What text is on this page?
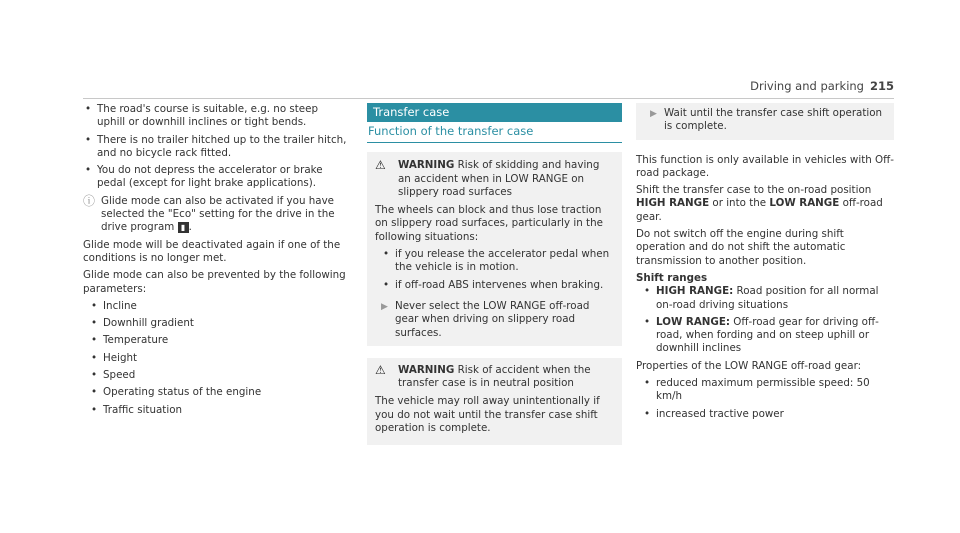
Driving and parking 215
• The road's course is suitable, e.g. no steep uphill or downhill inclines or tight bends.
• There is no trailer hitched up to the trailer hitch, and no bicycle rack fitted.
• You do not depress the accelerator or brake pedal (except for light brake applications).
ⓘ Glide mode can also be activated if you have selected the "Eco" setting for the drive in the drive program ▮ .

Glide mode will be deactivated again if one of the conditions is no longer met.

Glide mode can also be prevented by the following parameters:

• Incline
• Downhill gradient
• Temperature
• Height
• Speed
• Operating status of the engine
• Traffic situation
Transfer case
Function of the transfer case
⚠	WARNING Risk of skidding and having an accident when in LOW RANGE on slippery road surfaces

The wheels can block and thus lose traction on slippery road surfaces, particularly in the following situations:

• if you release the accelerator pedal when the vehicle is in motion.
• if off-road ABS intervenes when braking.
▶ Never select the LOW RANGE off-road gear when driving on slippery road surfaces.
⚠	WARNING Risk of accident when the transfer case is in neutral position

The vehicle may roll away unintentionally if you do not wait until the transfer case shift operation is complete.

▶ Wait until the transfer case shift operation is complete.

This function is only available in vehicles with Off-road package.

Shift the transfer case to the on-road position HIGH RANGE or into the LOW RANGE off-road gear.

Do not switch off the engine during shift operation and do not shift the automatic transmission to another position.

Shift ranges
• HIGH RANGE: Road position for all normal on-road driving situations
• LOW RANGE: Off-road gear for driving off-road, when fording and on steep uphill or downhill inclines

Properties of the LOW RANGE off-road gear:

• reduced maximum permissible speed: 50 km/h
• increased tractive power
